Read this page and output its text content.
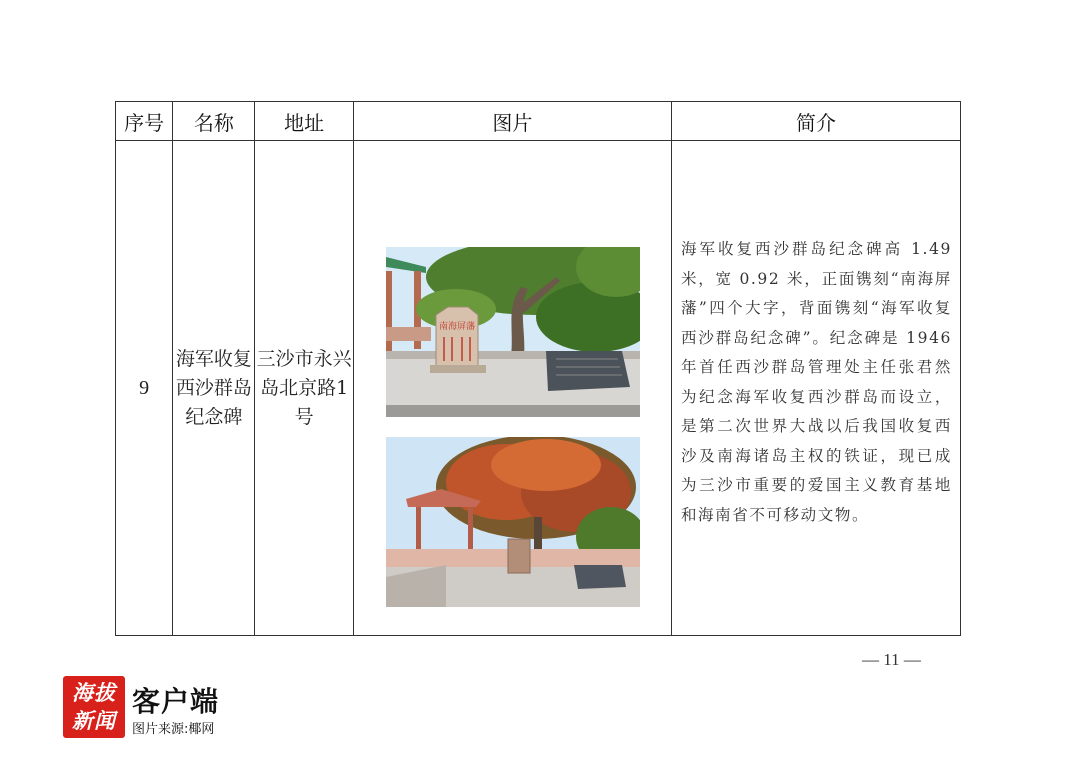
序号	名称	地址	图片	简介
9	海军收复西沙群岛纪念碑	三沙市永兴岛北京路1号	南海屏藩	海军收复西沙群岛纪念碑高 1.49 米，宽 0.92 米，正面镌刻“南海屏藩”四个大字，背面镌刻“海军收复西沙群岛纪念碑”。纪念碑是 1946 年首任西沙群岛管理处主任张君然为纪念海军收复西沙群岛而设立，是第二次世界大战以后我国收复西沙及南海诸岛主权的铁证，现已成为三沙市重要的爱国主义教育基地和海南省不可移动文物。
— 11 —
海拔
新闻
客户端
图片来源:椰网
